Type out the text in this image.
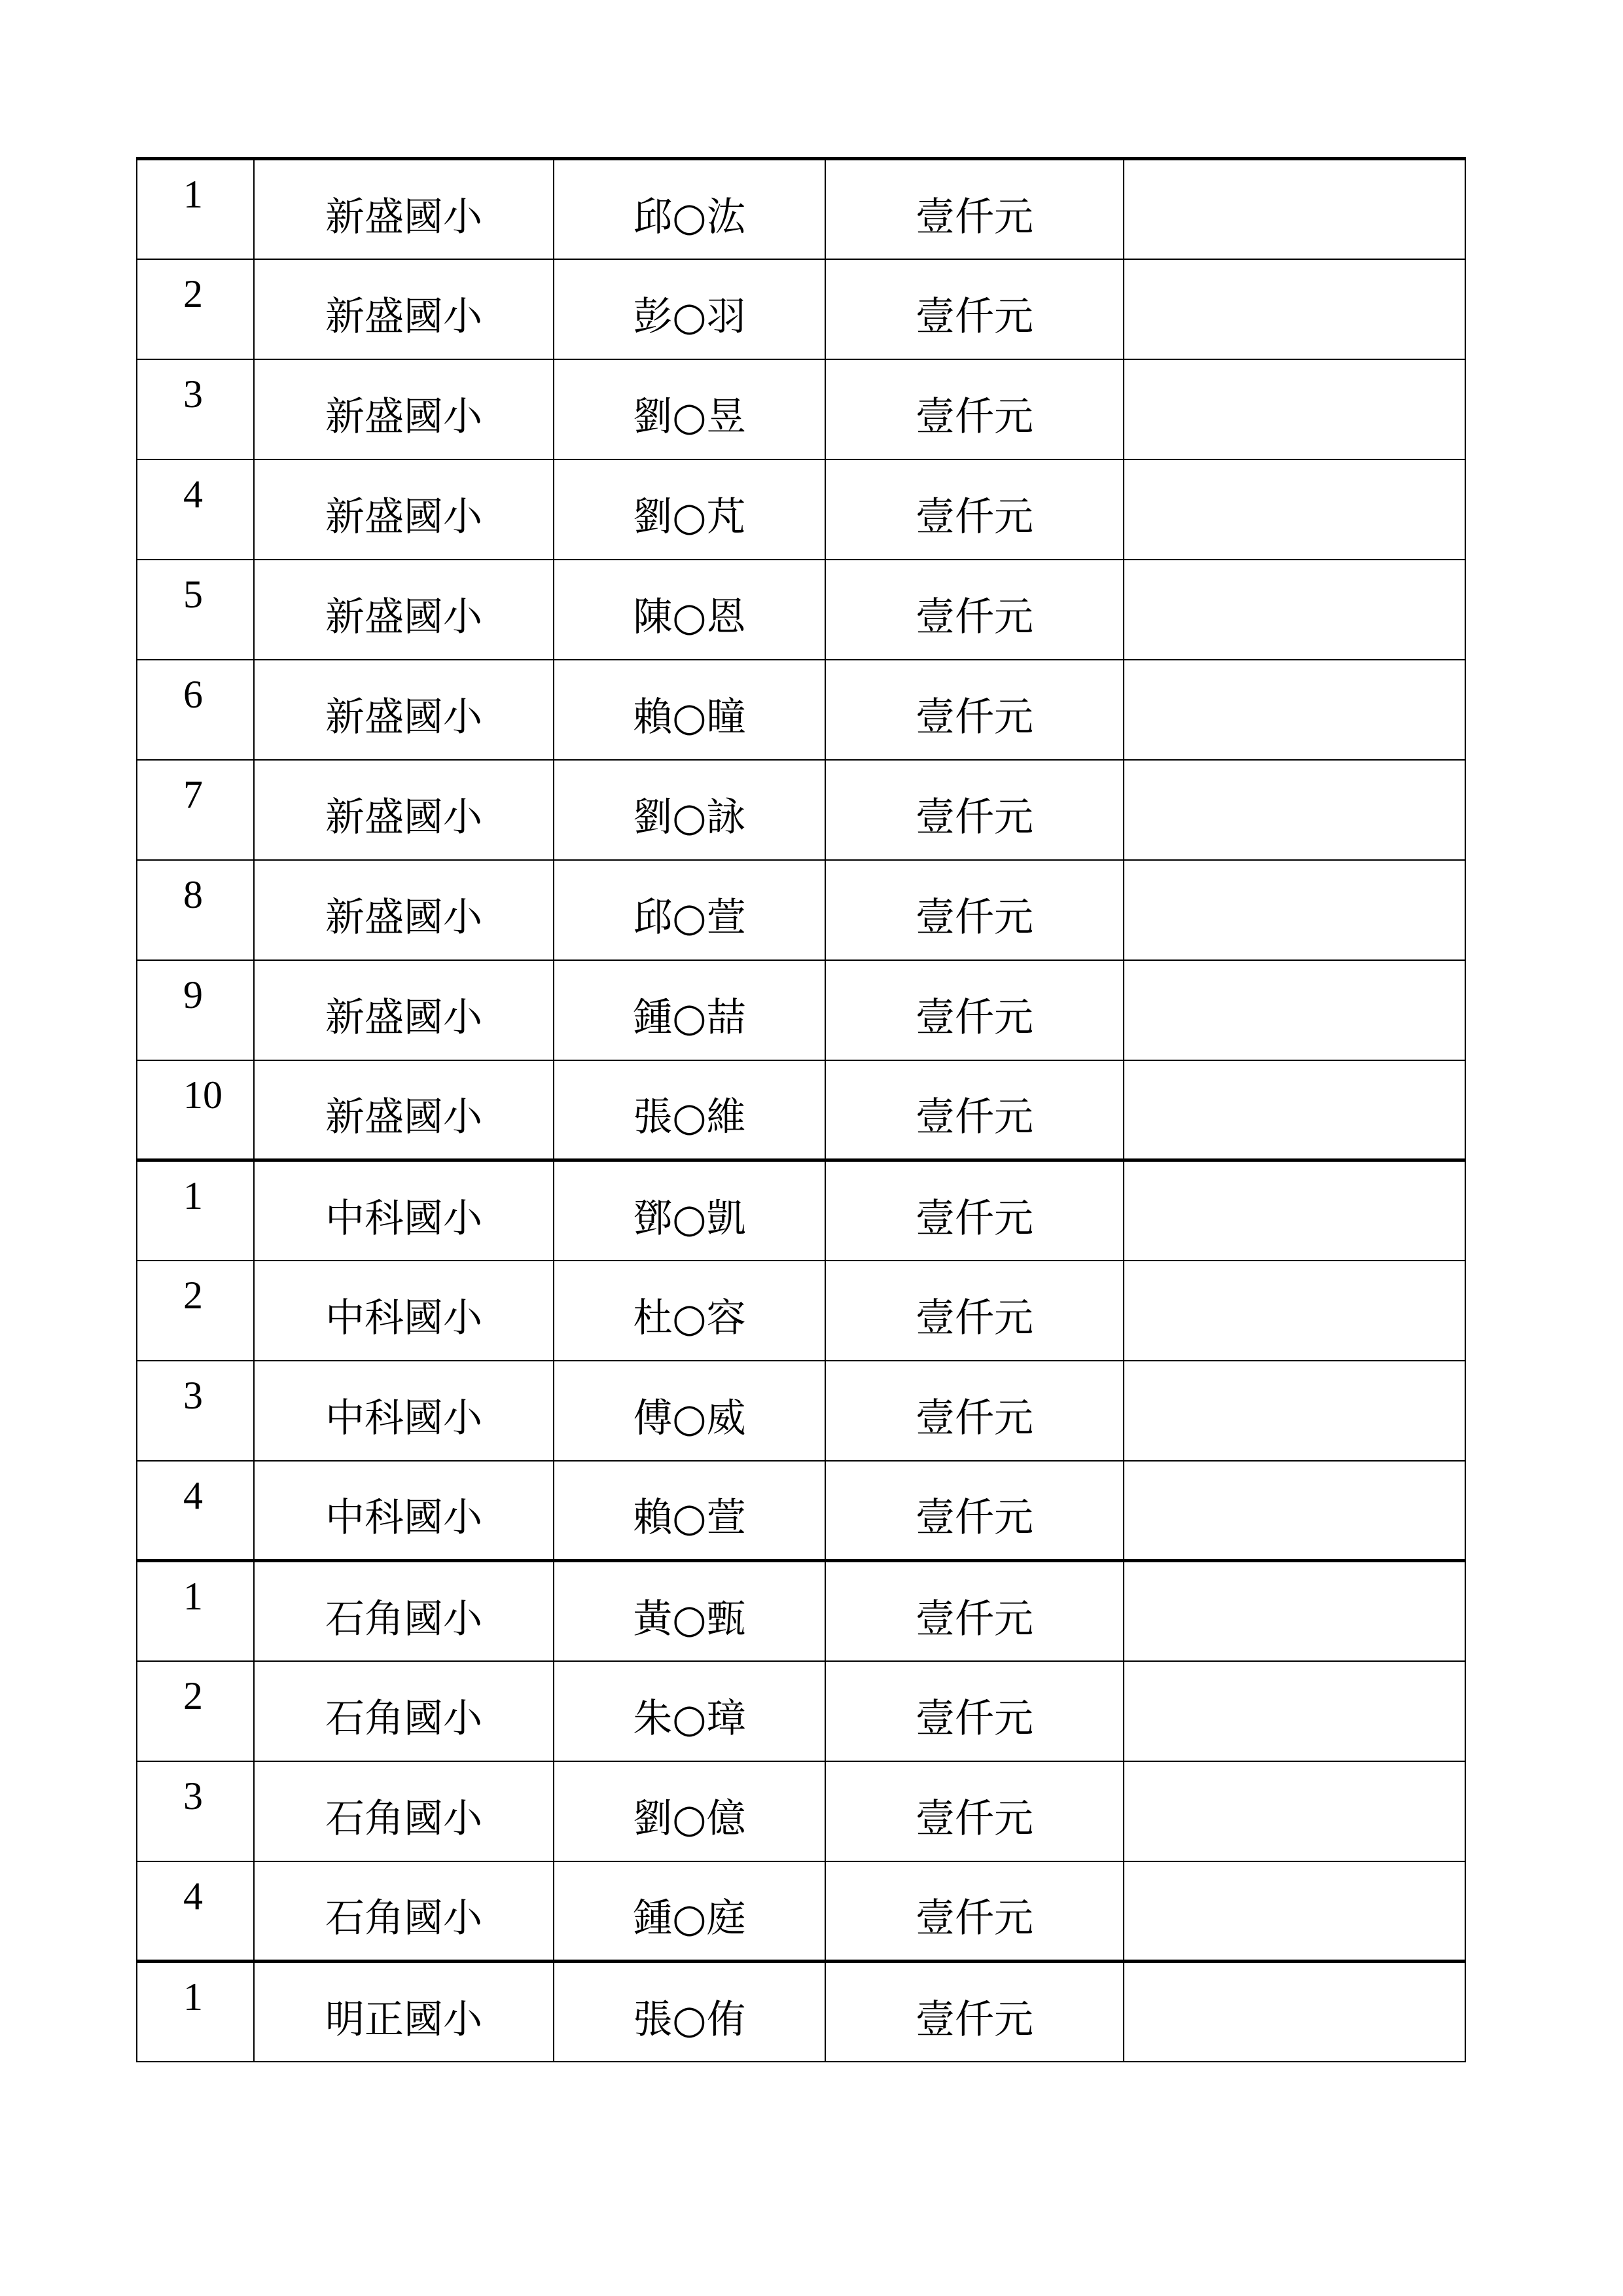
1	新盛國小	邱○汯	壹仟元	
2	新盛國小	彭○羽	壹仟元	
3	新盛國小	劉○昱	壹仟元	
4	新盛國小	劉○芃	壹仟元	
5	新盛國小	陳○恩	壹仟元	
6	新盛國小	賴○瞳	壹仟元	
7	新盛國小	劉○詠	壹仟元	
8	新盛國小	邱○萱	壹仟元	
9	新盛國小	鍾○喆	壹仟元	
10	新盛國小	張○維	壹仟元	
1	中科國小	鄧○凱	壹仟元	
2	中科國小	杜○容	壹仟元	
3	中科國小	傅○威	壹仟元	
4	中科國小	賴○萱	壹仟元	
1	石角國小	黃○甄	壹仟元	
2	石角國小	朱○璋	壹仟元	
3	石角國小	劉○億	壹仟元	
4	石角國小	鍾○庭	壹仟元	
1	明正國小	張○侑	壹仟元	
